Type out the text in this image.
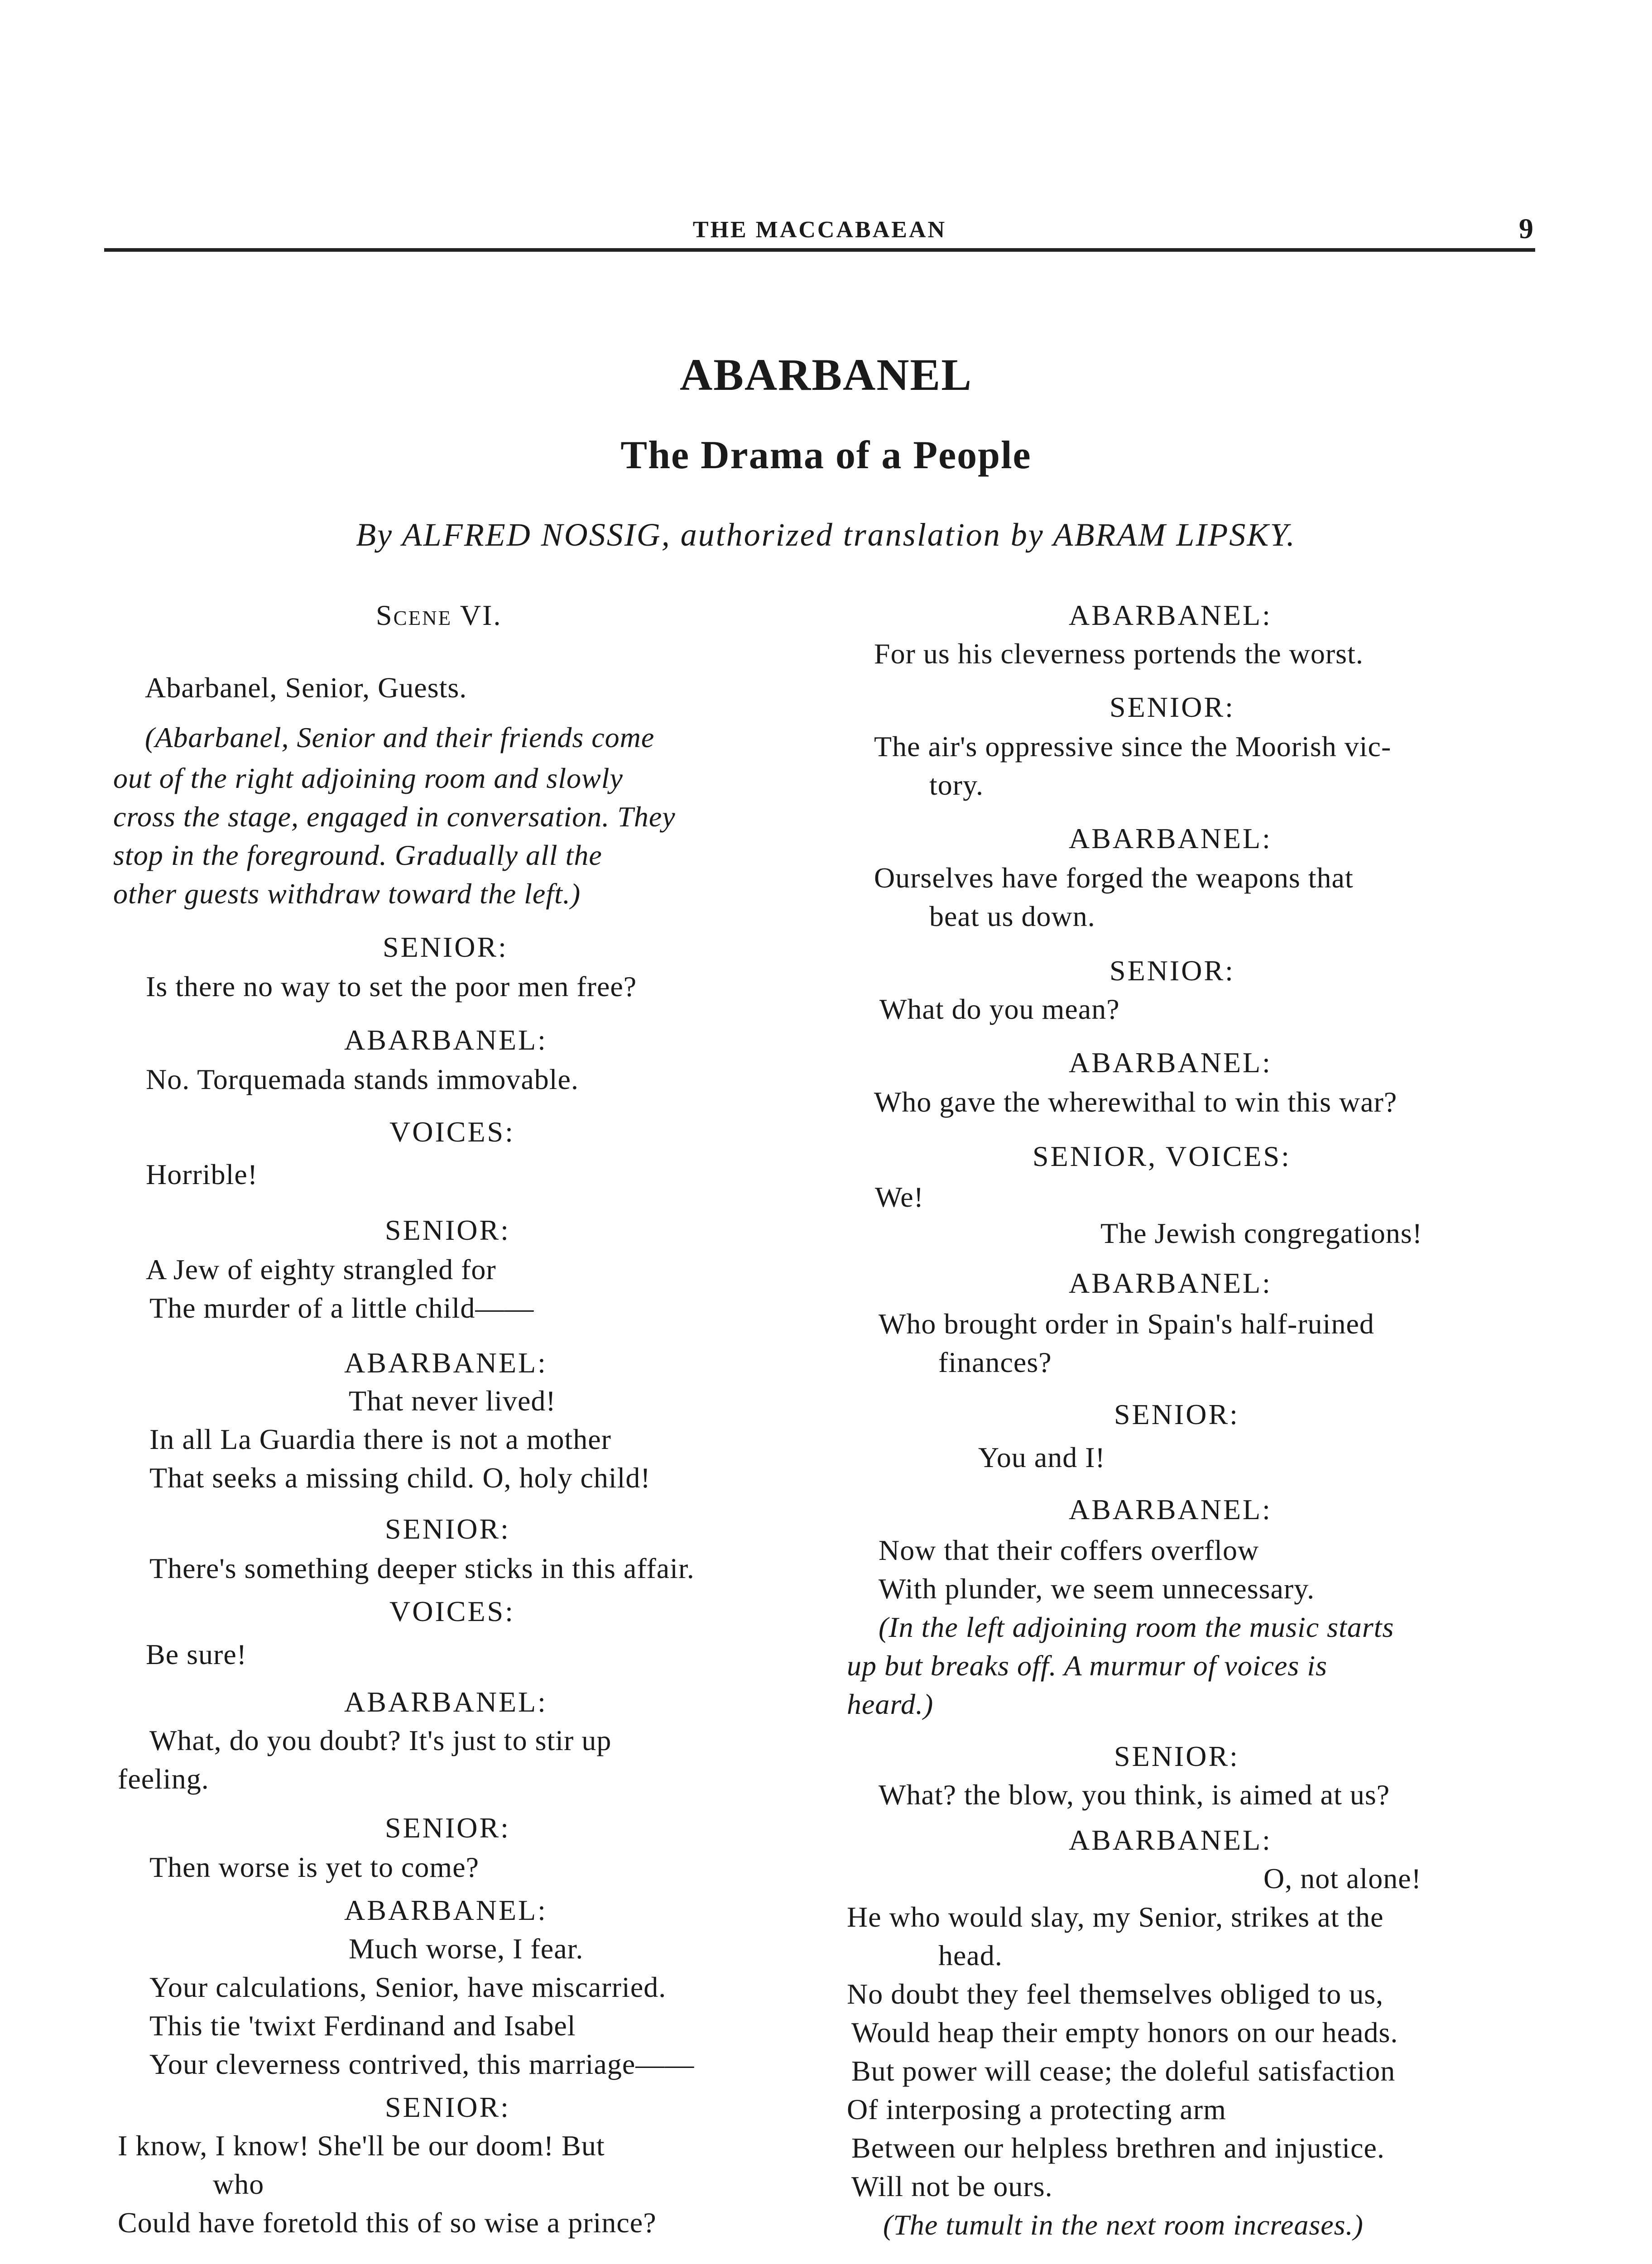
THE MACCABAEAN	9
ABARBANEL
The Drama of a People
By ALFRED NOSSIG, authorized translation by ABRAM LIPSKY.
Scene VI.
Abarbanel, Senior, Guests.
(Abarbanel, Senior and their friends come
out of the right adjoining room and slowly
cross the stage, engaged in conversation. They
stop in the foreground. Gradually all the
other guests withdraw toward the left.)
SENIOR:
Is there no way to set the poor men free?
ABARBANEL:
No. Torquemada stands immovable.
VOICES:
Horrible!
SENIOR:
A Jew of eighty strangled for
The murder of a little child——
ABARBANEL:
That never lived!
In all La Guardia there is not a mother
That seeks a missing child. O, holy child!
SENIOR:
There's something deeper sticks in this affair.
VOICES:
Be sure!
ABARBANEL:
What, do you doubt? It's just to stir up
feeling.
SENIOR:
Then worse is yet to come?
ABARBANEL:
Much worse, I fear.
Your calculations, Senior, have miscarried.
This tie 'twixt Ferdinand and Isabel
Your cleverness contrived, this marriage——
SENIOR:
I know, I know! She'll be our doom! But
who
Could have foretold this of so wise a prince?
ABARBANEL:
For us his cleverness portends the worst.
SENIOR:
The air's oppressive since the Moorish vic-
tory.
ABARBANEL:
Ourselves have forged the weapons that
beat us down.
SENIOR:
What do you mean?
ABARBANEL:
Who gave the wherewithal to win this war?
SENIOR, VOICES:
We!
The Jewish congregations!
ABARBANEL:
Who brought order in Spain's half-ruined
finances?
SENIOR:
You and I!
ABARBANEL:
Now that their coffers overflow
With plunder, we seem unnecessary.
(In the left adjoining room the music starts
up but breaks off. A murmur of voices is
heard.)
SENIOR:
What? the blow, you think, is aimed at us?
ABARBANEL:
O, not alone!
He who would slay, my Senior, strikes at the
head.
No doubt they feel themselves obliged to us,
Would heap their empty honors on our heads.
But power will cease; the doleful satisfaction
Of interposing a protecting arm
Between our helpless brethren and injustice.
Will not be ours.
(The tumult in the next room increases.)
